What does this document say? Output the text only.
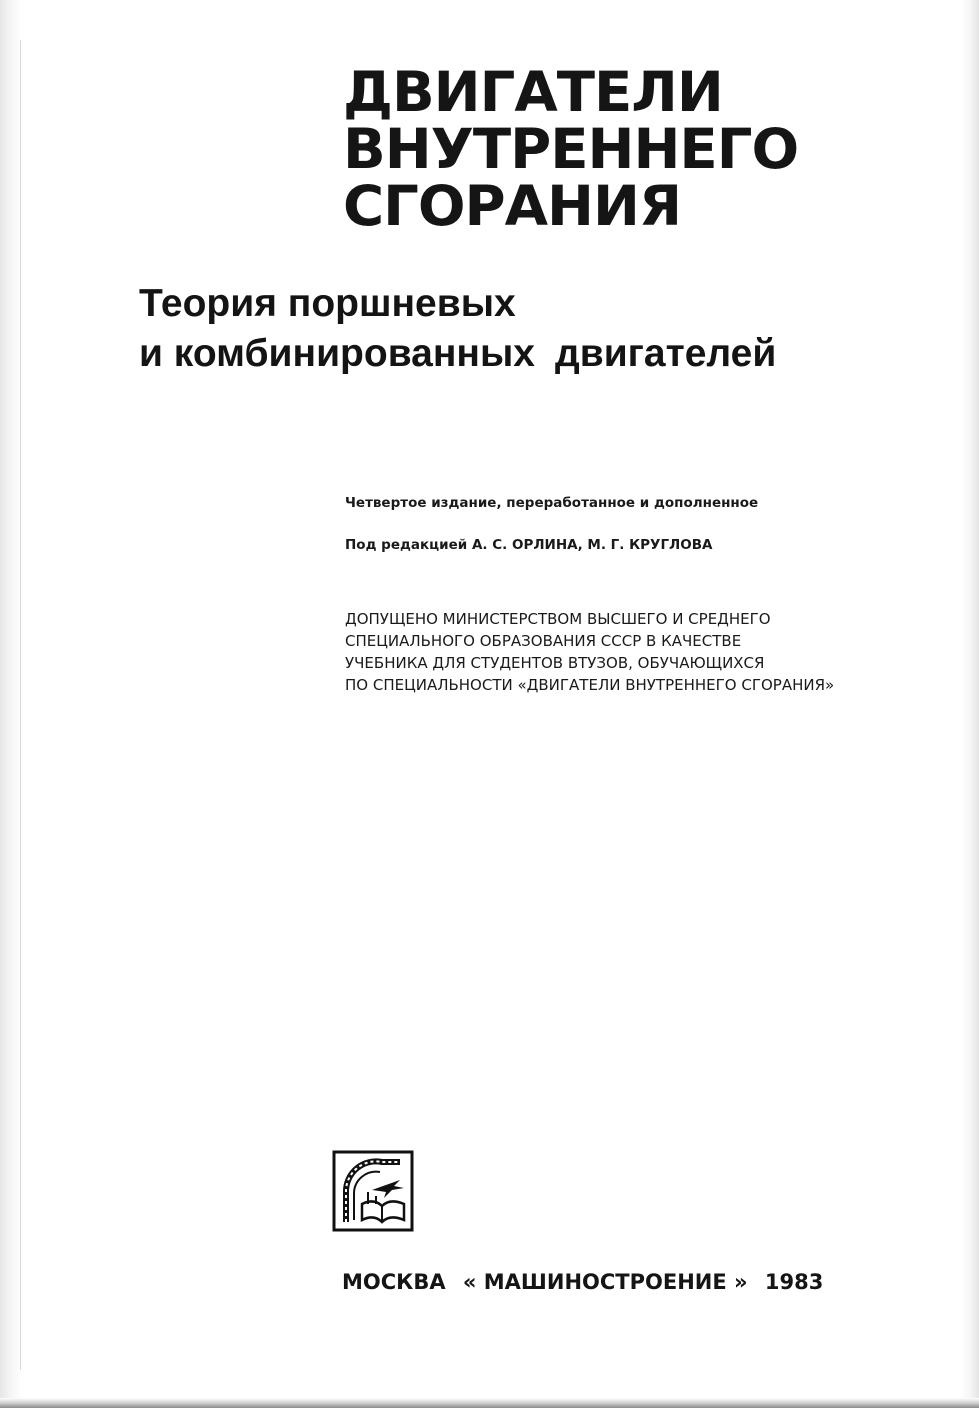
ДВИГАТЕЛИ
ВНУТРЕННЕГО
СГОРАНИЯ
Теория поршневых
и комбинированных двигателей

Четвертое издание, переработанное и дополненное

Под редакцией А. С. ОРЛИНА, М. Г. КРУГЛОВА

ДОПУЩЕНО МИНИСТЕРСТВОМ ВЫСШЕГО И СРЕДНЕГО
СПЕЦИАЛЬНОГО ОБРАЗОВАНИЯ СССР В КАЧЕСТВЕ
УЧЕБНИКА ДЛЯ СТУДЕНТОВ ВТУЗОВ, ОБУЧАЮЩИХСЯ
ПО СПЕЦИАЛЬНОСТИ «ДВИГАТЕЛИ ВНУТРЕННЕГО СГОРАНИЯ»

МОСКВА « МАШИНОСТРОЕНИЕ » 1983
